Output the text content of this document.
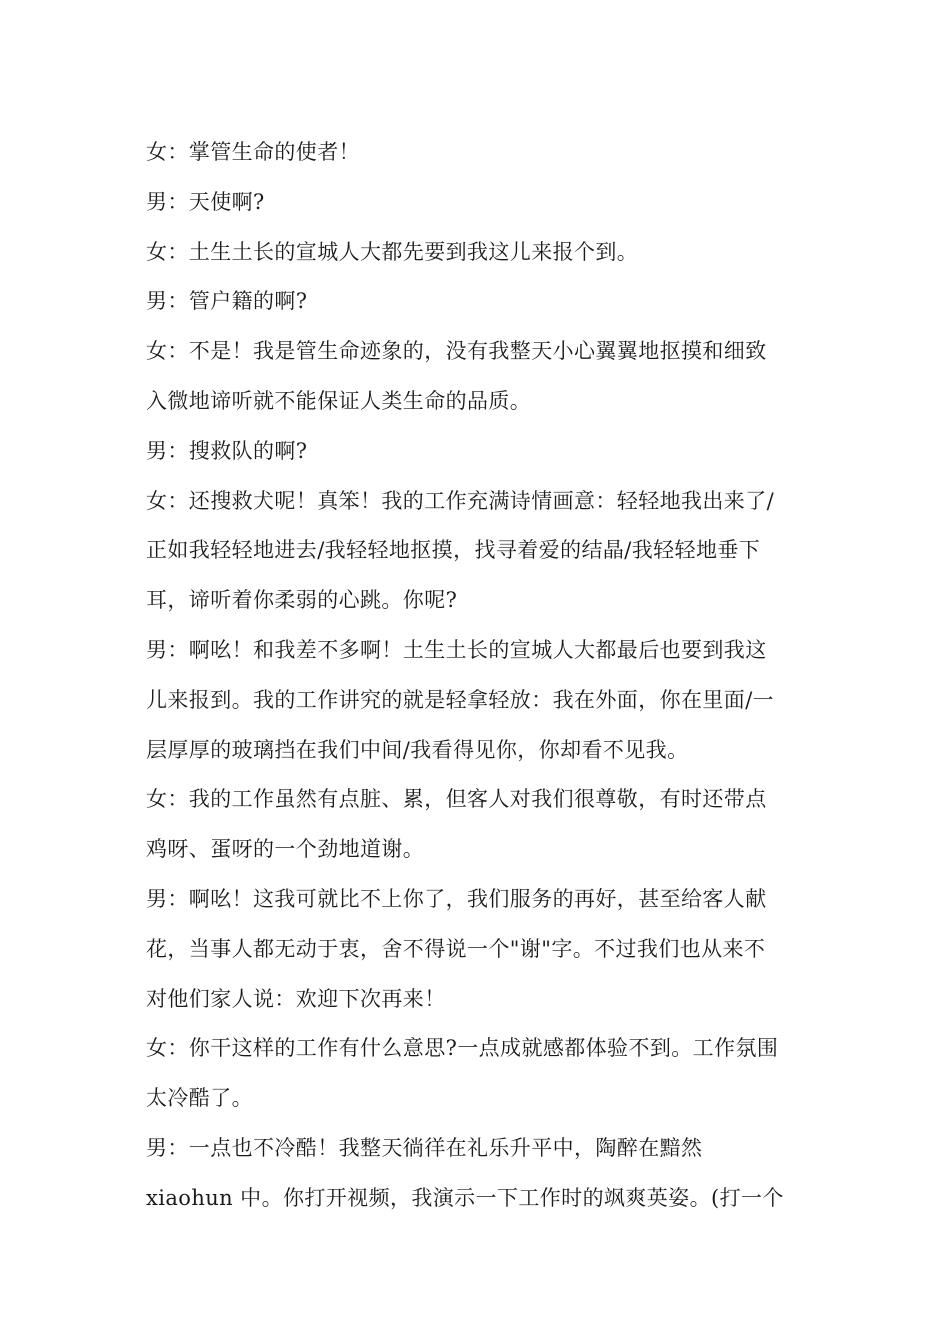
女：掌管生命的使者！
男：天使啊?
女：土生土长的宣城人大都先要到我这儿来报个到。
男：管户籍的啊?
女：不是！我是管生命迹象的，没有我整天小心翼翼地抠摸和细致
入微地谛听就不能保证人类生命的品质。
男：搜救队的啊?
女：还搜救犬呢！真笨！我的工作充满诗情画意：轻轻地我出来了/
正如我轻轻地进去/我轻轻地抠摸，找寻着爱的结晶/我轻轻地垂下
耳，谛听着你柔弱的心跳。你呢?
男：啊吆！和我差不多啊！土生土长的宣城人大都最后也要到我这
儿来报到。我的工作讲究的就是轻拿轻放：我在外面，你在里面/一
层厚厚的玻璃挡在我们中间/我看得见你，你却看不见我。
女：我的工作虽然有点脏、累，但客人对我们很尊敬，有时还带点
鸡呀、蛋呀的一个劲地道谢。
男：啊吆！这我可就比不上你了，我们服务的再好，甚至给客人献
花，当事人都无动于衷，舍不得说一个"谢"字。不过我们也从来不
对他们家人说：欢迎下次再来！
女：你干这样的工作有什么意思?一点成就感都体验不到。工作氛围
太冷酷了。
男：一点也不冷酷！我整天徜徉在礼乐升平中，陶醉在黯然
xiaohun 中。你打开视频，我演示一下工作时的飒爽英姿。(打一个
